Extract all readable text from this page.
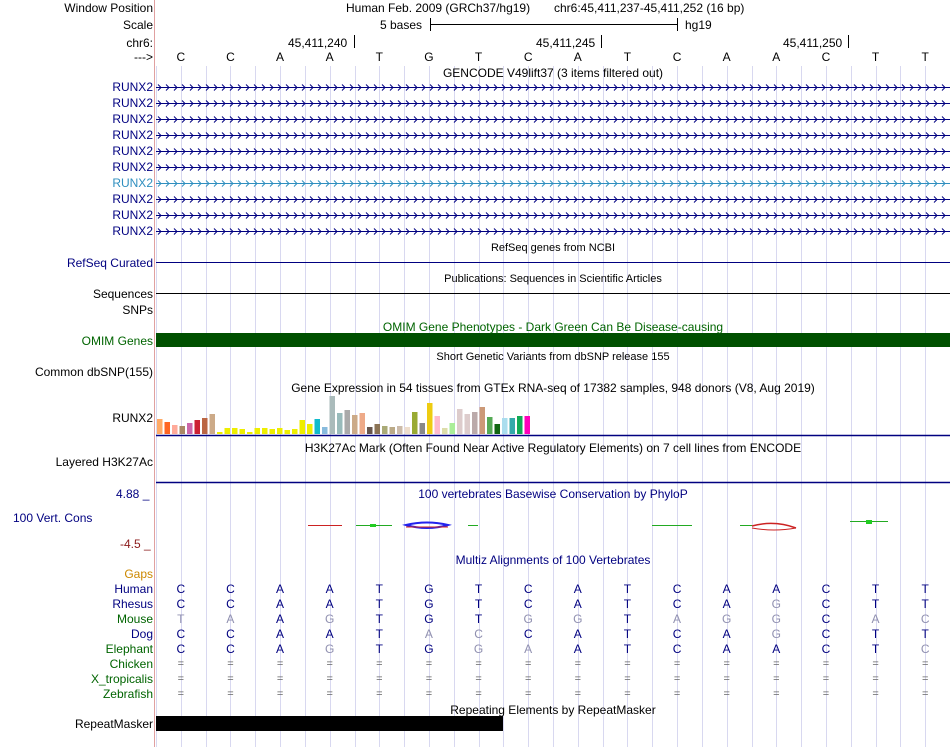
Window Position	Human Feb. 2009 (GRCh37/hg19) chr6:45,411,237-45,411,252 (16 bp)
Scale	5 bases	hg19
chr6:	45,411,240	45,411,245	45,411,250
--->	C	C	A	A	T	G	T	C	A	T	C	A	A	C	T	T
GENCODE V49lift37 (3 items filtered out)
RUNX2
RUNX2
RUNX2
RUNX2
RUNX2
RUNX2
RUNX2
RUNX2
RUNX2
RUNX2
RefSeq genes from NCBI
RefSeq Curated
Publications: Sequences in Scientific Articles
Sequences
SNPs
OMIM Gene Phenotypes - Dark Green Can Be Disease-causing
OMIM Genes
Short Genetic Variants from dbSNP release 155
Common dbSNP(155)
Gene Expression in 54 tissues from GTEx RNA-seq of 17382 samples, 948 donors (V8, Aug 2019)
RUNX2
H3K27Ac Mark (Often Found Near Active Regulatory Elements) on 7 cell lines from ENCODE
Layered H3K27Ac
100 vertebrates Basewise Conservation by PhyloP
4.88 _
100 Vert. Cons
-4.5 _
Multiz Alignments of 100 Vertebrates
Gaps
Human	C	C	A	A	T	G	T	C	A	T	C	A	A	C	T	T
Rhesus	C	C	A	A	T	G	T	C	A	T	C	A	G	C	T	T
Mouse	T	A	A	G	T	G	T	G	G	T	A	G	G	C	A	C
Dog	C	C	A	A	T	A	C	C	A	T	C	A	G	C	T	T
Elephant	C	C	A	G	T	G	G	A	A	T	C	A	A	C	T	C
Chicken	=	=	=	=	=	=	=	=	=	=	=	=	=	=	=	=
X_tropicalis	=	=	=	=	=	=	=	=	=	=	=	=	=	=	=	=
Zebrafish	=	=	=	=	=	=	=	=	=	=	=	=	=	=	=	=
Repeating Elements by RepeatMasker
RepeatMasker
